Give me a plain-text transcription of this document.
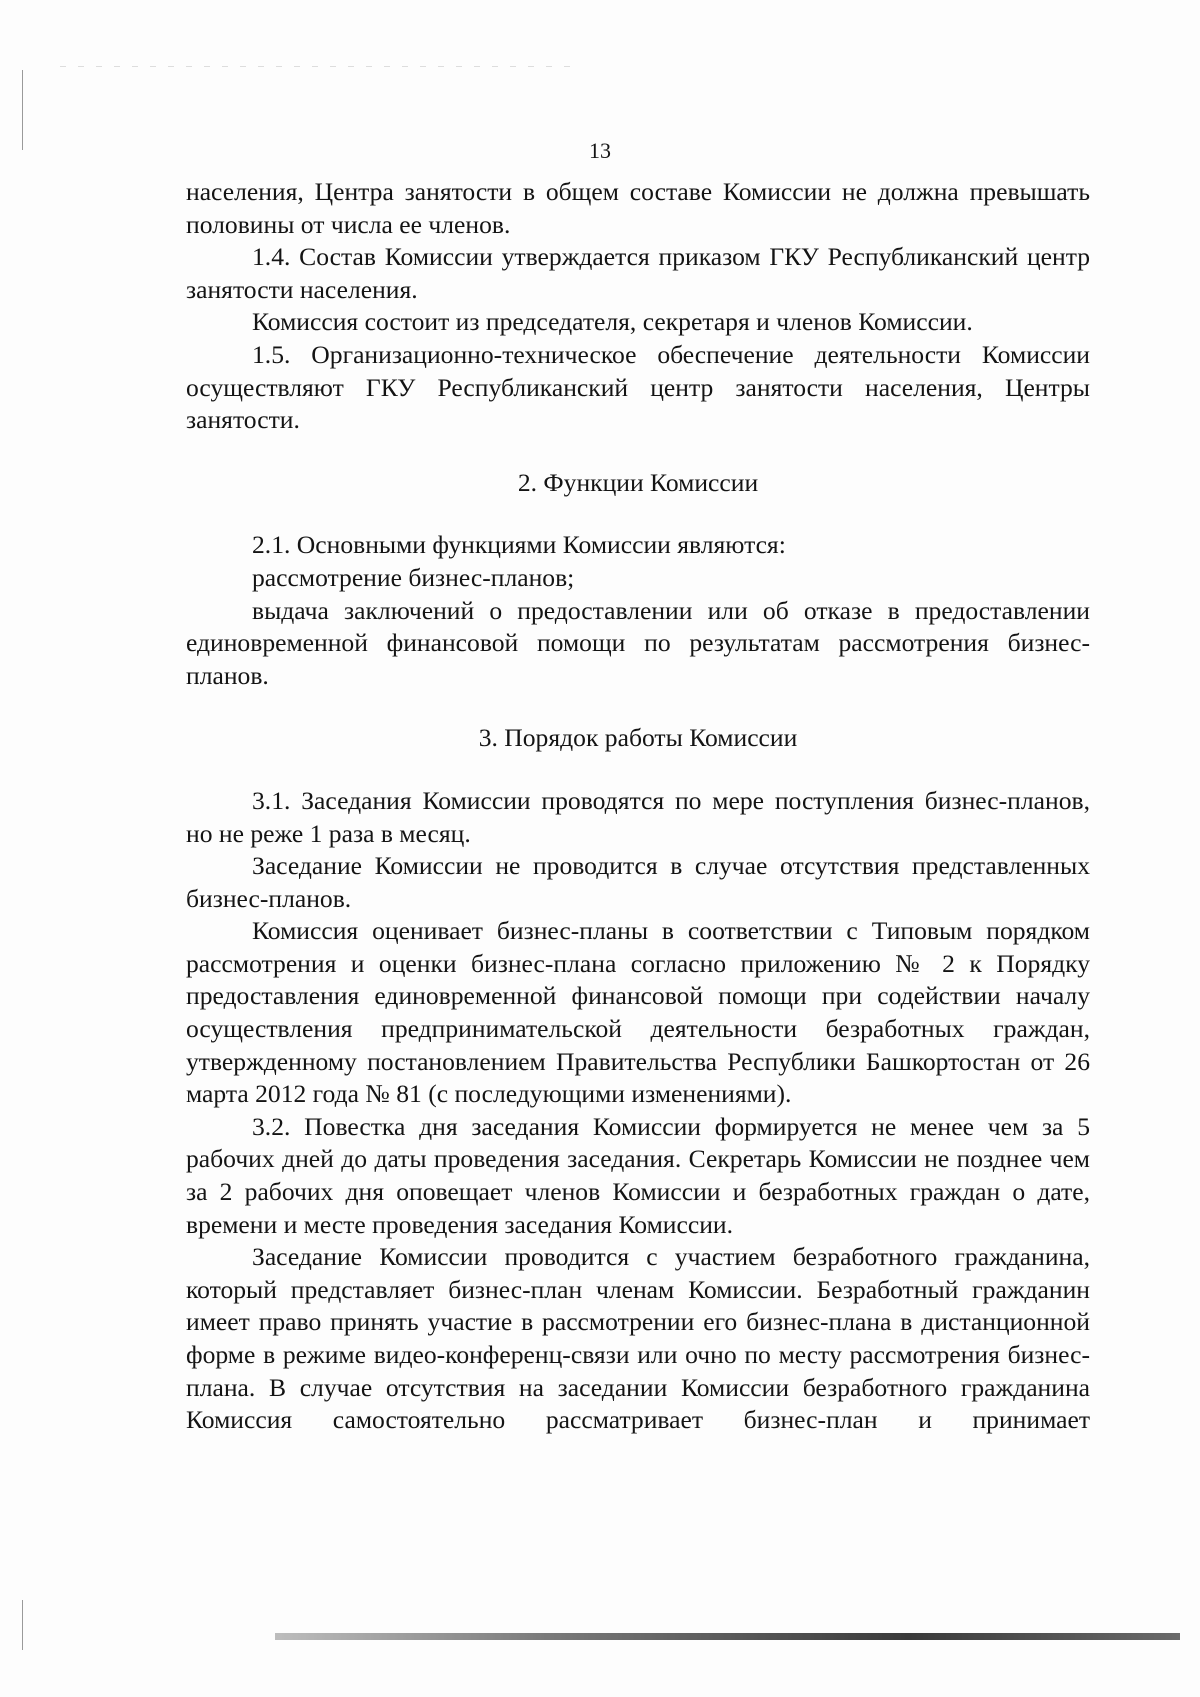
13

населения, Центра занятости в общем составе Комиссии не должна превышать половины от числа ее членов.

1.4. Состав Комиссии утверждается приказом ГКУ Республиканский центр занятости населения.

Комиссия состоит из председателя, секретаря и членов Комиссии.

1.5. Организационно-техническое обеспечение деятельности Комиссии осуществляют ГКУ Республиканский центр занятости населения, Центры занятости.

2. Функции Комиссии

2.1. Основными функциями Комиссии являются:

рассмотрение бизнес-планов;

выдача заключений о предоставлении или об отказе в предоставлении единовременной финансовой помощи по результатам рассмотрения бизнес-планов.

3. Порядок работы Комиссии

3.1. Заседания Комиссии проводятся по мере поступления бизнес-планов, но не реже 1 раза в месяц.

Заседание Комиссии не проводится в случае отсутствия представленных бизнес-планов.

Комиссия оценивает бизнес-планы в соответствии с Типовым порядком рассмотрения и оценки бизнес-плана согласно приложению № 2 к Порядку предоставления единовременной финансовой помощи при содействии началу осуществления предпринимательской деятельности безработных граждан, утвержденному постановлением Правительства Республики Башкортостан от 26 марта 2012 года № 81 (с последующими изменениями).

3.2. Повестка дня заседания Комиссии формируется не менее чем за 5 рабочих дней до даты проведения заседания. Секретарь Комиссии не позднее чем за 2 рабочих дня оповещает членов Комиссии и безработных граждан о дате, времени и месте проведения заседания Комиссии.

Заседание Комиссии проводится с участием безработного гражданина, который представляет бизнес-план членам Комиссии. Безработный гражданин имеет право принять участие в рассмотрении его бизнес-плана в дистанционной форме в режиме видео-конференц-связи или очно по месту рассмотрения бизнес-плана. В случае отсутствия на заседании Комиссии безработного гражданина Комиссия самостоятельно рассматривает бизнес-план и принимает
